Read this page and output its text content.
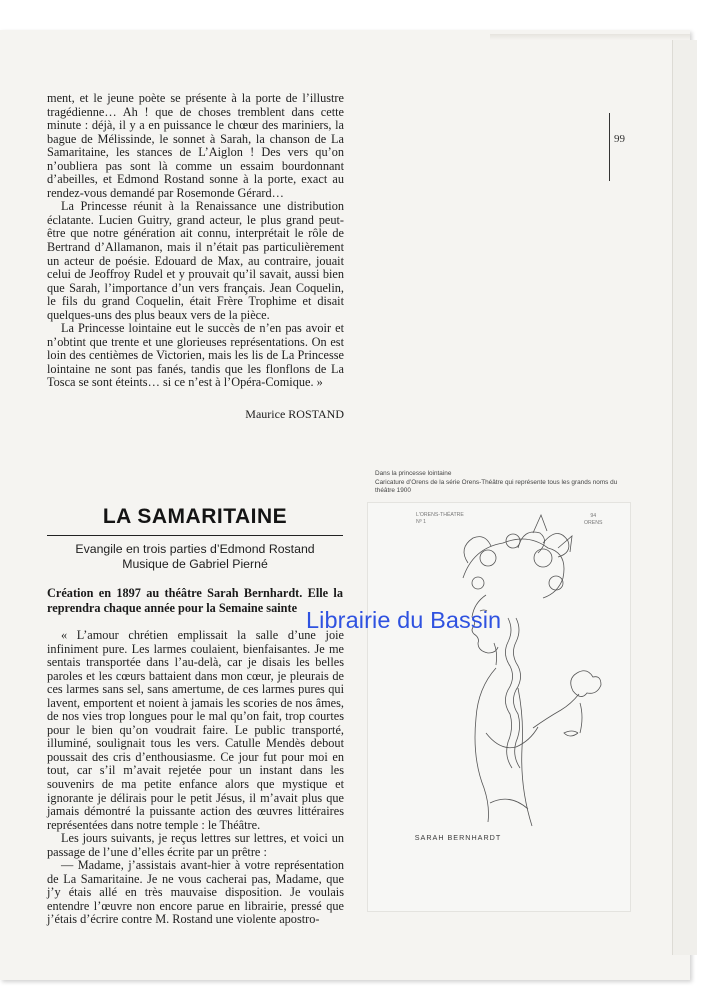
99

ment, et le jeune poète se présente à la porte de l’illustre tragédienne… Ah ! que de choses tremblent dans cette minute : déjà, il y a en puissance le chœur des mariniers, la bague de Mélissinde, le sonnet à Sarah, la chanson de La Samaritaine, les stances de L’Aiglon ! Des vers qu’on n’oubliera pas sont là comme un essaim bourdonnant d’abeilles, et Edmond Rostand sonne à la porte, exact au rendez-vous demandé par Rosemonde Gérard…

La Princesse réunit à la Renaissance une distribution éclatante. Lucien Guitry, grand acteur, le plus grand peut-être que notre génération ait connu, interprétait le rôle de Bertrand d’Allamanon, mais il n’était pas particulièrement un acteur de poésie. Edouard de Max, au contraire, jouait celui de Jeoffroy Rudel et y prouvait qu’il savait, aussi bien que Sarah, l’importance d’un vers français. Jean Coquelin, le fils du grand Coquelin, était Frère Trophime et disait quelques-uns des plus beaux vers de la pièce.

La Princesse lointaine eut le succès de n’en pas avoir et n’obtint que trente et une glorieuses représentations. On est loin des centièmes de Victorien, mais les lis de La Princesse lointaine ne sont pas fanés, tandis que les flonflons de La Tosca se sont éteints… si ce n’est à l’Opéra-Comique. »

Maurice ROSTAND
Dans la princesse lointaine
Caricature d’Orens de la série Orens-Théâtre qui représente tous les grands noms du théâtre 1900
LA SAMARITAINE
Evangile en trois parties d’Edmond Rostand
Musique de Gabriel Pierné
Création en 1897 au théâtre Sarah Bernhardt. Elle la reprendra chaque année pour la Semaine sainte

« L’amour chrétien emplissait la salle d’une joie infiniment pure. Les larmes coulaient, bienfaisantes. Je me sentais transportée dans l’au-delà, car je disais les belles paroles et les cœurs battaient dans mon cœur, je pleurais de ces larmes sans sel, sans amertume, de ces larmes pures qui lavent, emportent et noient à jamais les scories de nos âmes, de nos vies trop longues pour le mal qu’on fait, trop courtes pour le bien qu’on voudrait faire. Le public transporté, illuminé, soulignait tous les vers. Catulle Mendès debout poussait des cris d’enthousiasme. Ce jour fut pour moi en tout, car s’il m’avait rejetée pour un instant dans les souvenirs de ma petite enfance alors que mystique et ignorante je délirais pour le petit Jésus, il m’avait plus que jamais démontré la puissante action des œuvres littéraires représentées dans notre temple : le Théâtre.

Les jours suivants, je reçus lettres sur lettres, et voici un passage de l’une d’elles écrite par un prêtre :

— Madame, j’assistais avant-hier à votre représentation de La Samaritaine. Je ne vous cacherai pas, Madame, que j’y étais allé en très mauvaise disposition. Je voulais entendre l’œuvre non encore parue en librairie, pressé que j’étais d’écrire contre M. Rostand une violente apostro-

L'ORENS-THÉATRE
Nº 1
94
ORENS
SARAH BERNHARDT
Librairie du Bassin
